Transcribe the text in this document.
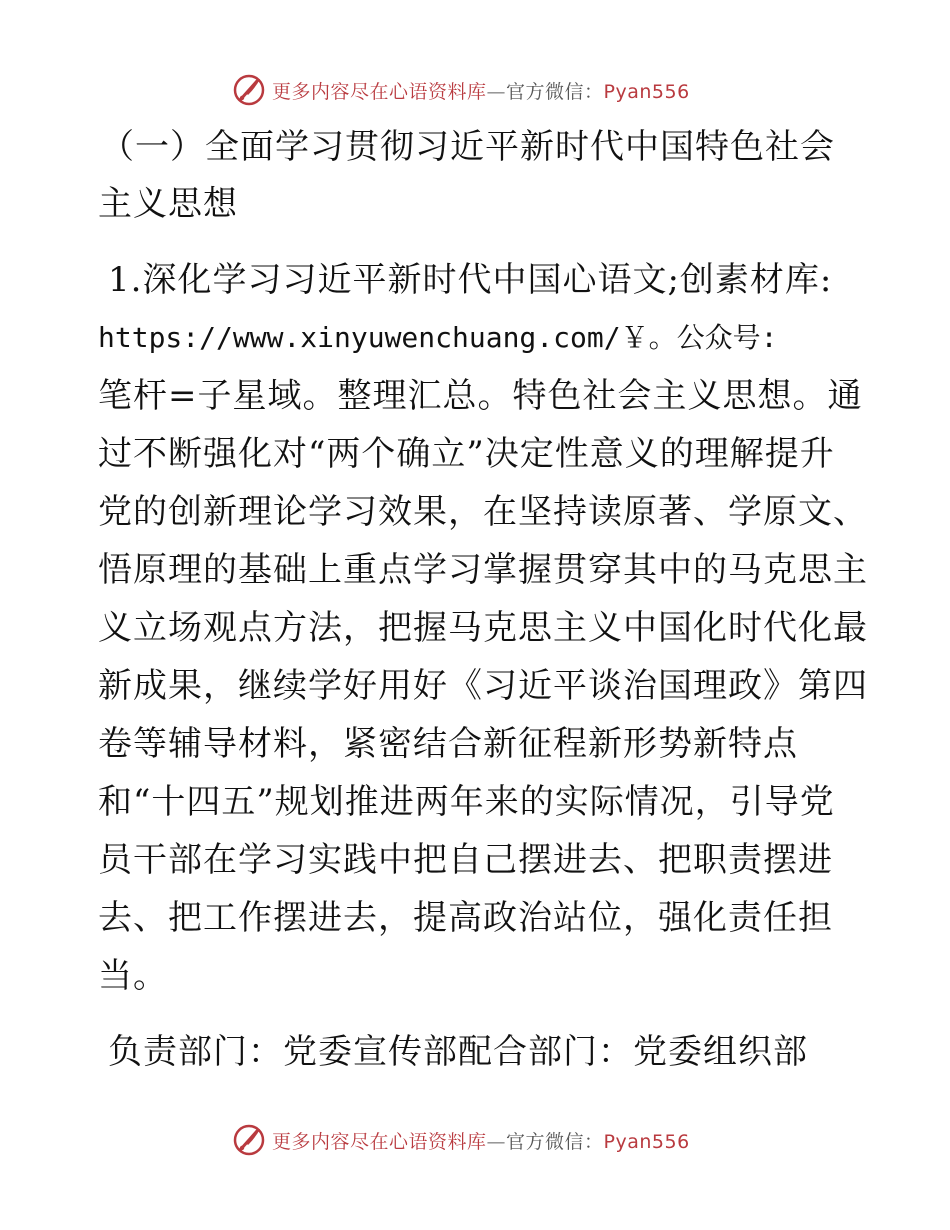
更多内容尽在心语资料库—官方微信：Pyan556
（一）全面学习贯彻习近平新时代中国特色社会
主义思想
1.深化学习习近平新时代中国心语文;创素材库:
https://www.xinyuwenchuang.com/￥。公众号:
笔杆=子星域。整理汇总。特色社会主义思想。通
过不断强化对“两个确立”决定性意义的理解提升
党的创新理论学习效果，在坚持读原著、学原文、
悟原理的基础上重点学习掌握贯穿其中的马克思主
义立场观点方法，把握马克思主义中国化时代化最
新成果，继续学好用好《习近平谈治国理政》第四
卷等辅导材料，紧密结合新征程新形势新特点
和“十四五”规划推进两年来的实际情况，引导党
员干部在学习实践中把自己摆进去、把职责摆进
去、把工作摆进去，提高政治站位，强化责任担
当。
负责部门：党委宣传部配合部门：党委组织部
更多内容尽在心语资料库—官方微信：Pyan556
